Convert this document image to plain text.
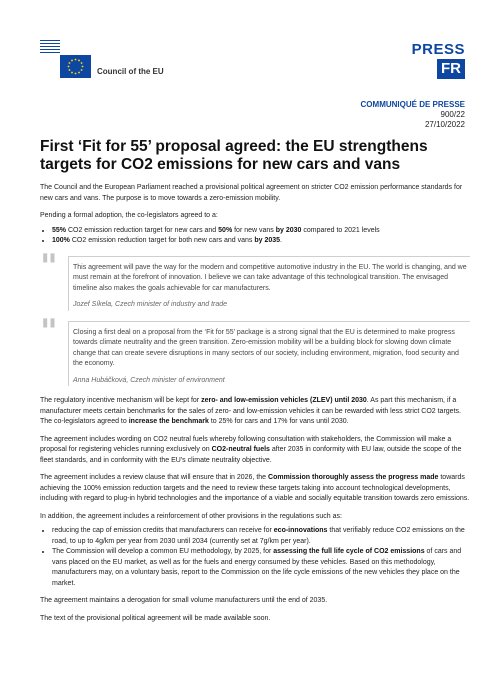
Council of the EU
PRESS
FR
COMMUNIQUÉ DE PRESSE
900/22
27/10/2022
First ‘Fit for 55’ proposal agreed: the EU strengthens targets for CO2 emissions for new cars and vans

The Council and the European Parliament reached a provisional political agreement on stricter CO2 emission performance standards for new cars and vans. The purpose is to move towards a zero-emission mobility.

Pending a formal adoption, the co-legislators agreed to a:

• 55% CO2 emission reduction target for new cars and 50% for new vans by 2030 compared to 2021 levels
• 100% CO2 emission reduction target for both new cars and vans by 2035.
" This agreement will pave the way for the modern and competitive automotive industry in the EU. The world is changing, and we must remain at the forefront of innovation. I believe we can take advantage of this technological transition. The envisaged timeline also makes the goals achievable for car manufacturers.
Jozef Síkela, Czech minister of industry and trade
" Closing a first deal on a proposal from the ‘Fit for 55’ package is a strong signal that the EU is determined to make progress towards climate neutrality and the green transition. Zero-emission mobility will be a building block for slowing down climate change that can create severe disruptions in many sectors of our society, including environment, migration, food security and the economy.
Anna Hubáčková, Czech minister of environment

The regulatory incentive mechanism will be kept for zero- and low-emission vehicles (ZLEV) until 2030. As part this mechanism, if a manufacturer meets certain benchmarks for the sales of zero- and low-emission vehicles it can be rewarded with less strict CO2 targets. The co-legislators agreed to increase the benchmark to 25% for cars and 17% for vans until 2030.

The agreement includes wording on CO2 neutral fuels whereby following consultation with stakeholders, the Commission will make a proposal for registering vehicles running exclusively on CO2-neutral fuels after 2035 in conformity with EU law, outside the scope of the fleet standards, and in conformity with the EU's climate neutrality objective.

The agreement includes a review clause that will ensure that in 2026, the Commission thoroughly assess the progress made towards achieving the 100% emission reduction targets and the need to review these targets taking into account technological developments, including with regard to plug-in hybrid technologies and the importance of a viable and socially equitable transition towards zero emissions.

In addition, the agreement includes a reinforcement of other provisions in the regulations such as:

• reducing the cap of emission credits that manufacturers can receive for eco-innovations that verifiably reduce CO2 emissions on the road, to up to 4g/km per year from 2030 until 2034 (currently set at 7g/km per year).
• The Commission will develop a common EU methodology, by 2025, for assessing the full life cycle of CO2 emissions of cars and vans placed on the EU market, as well as for the fuels and energy consumed by these vehicles. Based on this methodology, manufacturers may, on a voluntary basis, report to the Commission on the life cycle emissions of the new vehicles they place on the market.

The agreement maintains a derogation for small volume manufacturers until the end of 2035.

The text of the provisional political agreement will be made available soon.
